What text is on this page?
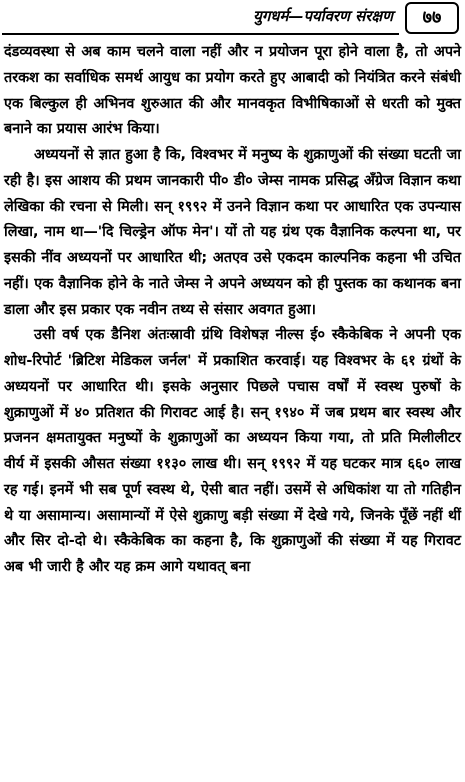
युगधर्म—पर्यावरण संरक्षण	७७

दंडव्यवस्था से अब काम चलने वाला नहीं और न प्रयोजन पूरा होने वाला है, तो अपने तरकश का सर्वाधिक समर्थ आयुध का प्रयोग करते हुए आबादी को नियंत्रित करने संबंधी एक बिल्कुल ही अभिनव शुरुआत की और मानवकृत विभीषिकाओं से धरती को मुक्त बनाने का प्रयास आरंभ किया।

अध्ययनों से ज्ञात हुआ है कि, विश्वभर में मनुष्य के शुक्राणुओं की संख्या घटती जा रही है। इस आशय की प्रथम जानकारी पी० डी० जेम्स नामक प्रसिद्ध अँग्रेज विज्ञान कथा लेखिका की रचना से मिली। सन् १९९२ में उनने विज्ञान कथा पर आधारित एक उपन्यास लिखा, नाम था—'दि चिल्ड्रेन ऑफ मेन'। यों तो यह ग्रंथ एक वैज्ञानिक कल्पना था, पर इसकी नींव अध्ययनों पर आधारित थी; अतएव उसे एकदम काल्पनिक कहना भी उचित नहीं। एक वैज्ञानिक होने के नाते जेम्स ने अपने अध्ययन को ही पुस्तक का कथानक बना डाला और इस प्रकार एक नवीन तथ्य से संसार अवगत हुआ।

उसी वर्ष एक डैनिश अंतःस्रावी ग्रंथि विशेषज्ञ नील्स ई० स्कैकेबिक ने अपनी एक शोध-रिपोर्ट 'ब्रिटिश मेडिकल जर्नल' में प्रकाशित करवाई। यह विश्वभर के ६१ ग्रंथों के अध्ययनों पर आधारित थी। इसके अनुसार पिछले पचास वर्षों में स्वस्थ पुरुषों के शुक्राणुओं में ४० प्रतिशत की गिरावट आई है। सन् १९४० में जब प्रथम बार स्वस्थ और प्रजनन क्षमतायुक्त मनुष्यों के शुक्राणुओं का अध्ययन किया गया, तो प्रति मिलीलीटर वीर्य में इसकी औसत संख्या ११३० लाख थी। सन् १९९२ में यह घटकर मात्र ६६० लाख रह गई। इनमें भी सब पूर्ण स्वस्थ थे, ऐसी बात नहीं। उसमें से अधिकांश या तो गतिहीन थे या असामान्य। असामान्यों में ऐसे शुक्राणु बड़ी संख्या में देखे गये, जिनके पूँछें नहीं थीं और सिर दो-दो थे। स्कैकेबिक का कहना है, कि शुक्राणुओं की संख्या में यह गिरावट अब भी जारी है और यह क्रम आगे यथावत् बना
